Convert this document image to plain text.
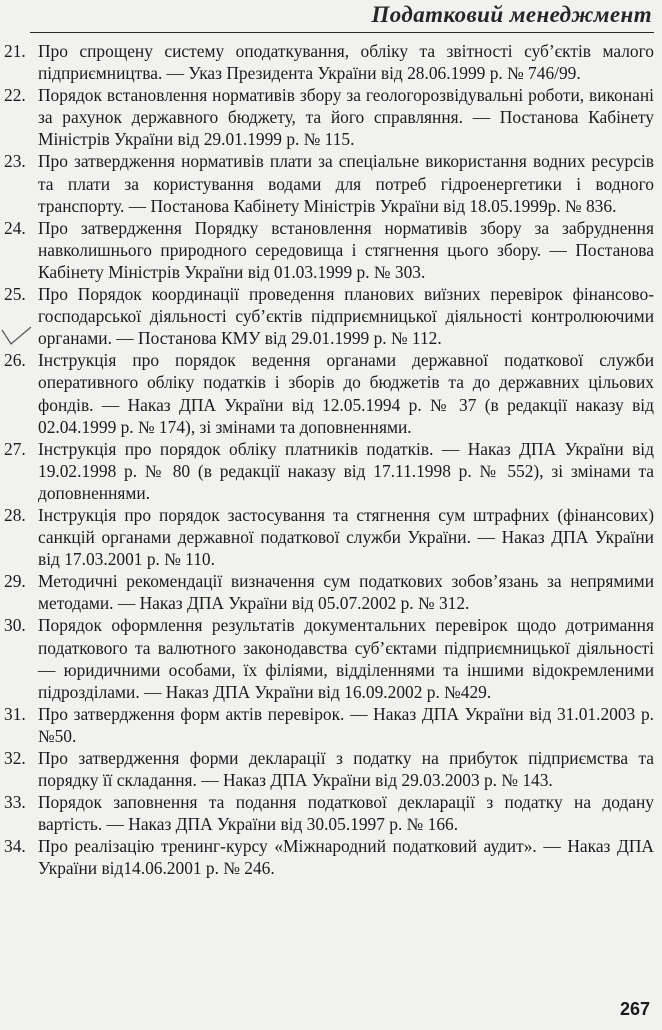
Податковий менеджмент
21. Про спрощену систему оподаткування, обліку та звітності суб’єктів малого підприємництва. — Указ Президента України від 28.06.1999 р. № 746/99.
22. Порядок встановлення нормативів збору за геологорозвідувальні роботи, виконані за рахунок державного бюджету, та його справляння. — Постанова Кабінету Міністрів України від 29.01.1999 р. № 115.
23. Про затвердження нормативів плати за спеціальне використання водних ресурсів та плати за користування водами для потреб гідроенергетики і водного транспорту. — Постанова Кабінету Міністрів України від 18.05.1999р. № 836.
24. Про затвердження Порядку встановлення нормативів збору за забруднення навколишнього природного середовища і стягнення цього збору. — Постанова Кабінету Міністрів України від 01.03.1999 р. № 303.
25. Про Порядок координації проведення планових виїзних перевірок фінансово-господарської діяльності суб’єктів підприємницької діяльності контролюючими органами. — Постанова КМУ від 29.01.1999 р. № 112.
26. Інструкція про порядок ведення органами державної податкової служби оперативного обліку податків і зборів до бюджетів та до державних цільових фондів. — Наказ ДПА України від 12.05.1994 р. № 37 (в редакції наказу від 02.04.1999 р. № 174), зі змінами та доповненнями.
27. Інструкція про порядок обліку платників податків. — Наказ ДПА України від 19.02.1998 р. № 80 (в редакції наказу від 17.11.1998 р. № 552), зі змінами та доповненнями.
28. Інструкція про порядок застосування та стягнення сум штрафних (фінансових) санкцій органами державної податкової служби України. — Наказ ДПА України від 17.03.2001 р. № 110.
29. Методичні рекомендації визначення сум податкових зобов’язань за непрямими методами. — Наказ ДПА України від 05.07.2002 р. № 312.
30. Порядок оформлення результатів документальних перевірок щодо дотримання податкового та валютного законодавства суб’єктами підприємницької діяльності — юридичними особами, їх філіями, відділеннями та іншими відокремленими підрозділами. — Наказ ДПА України від 16.09.2002 р. №429.
31. Про затвердження форм актів перевірок. — Наказ ДПА України від 31.01.2003 р. №50.
32. Про затвердження форми декларації з податку на прибуток підприємства та порядку її складання. — Наказ ДПА України від 29.03.2003 р. № 143.
33. Порядок заповнення та подання податкової декларації з податку на додану вартість. — Наказ ДПА України від 30.05.1997 р. № 166.
34. Про реалізацію тренинг-курсу «Міжнародний податковий аудит». — Наказ ДПА України від14.06.2001 р. № 246.
267
